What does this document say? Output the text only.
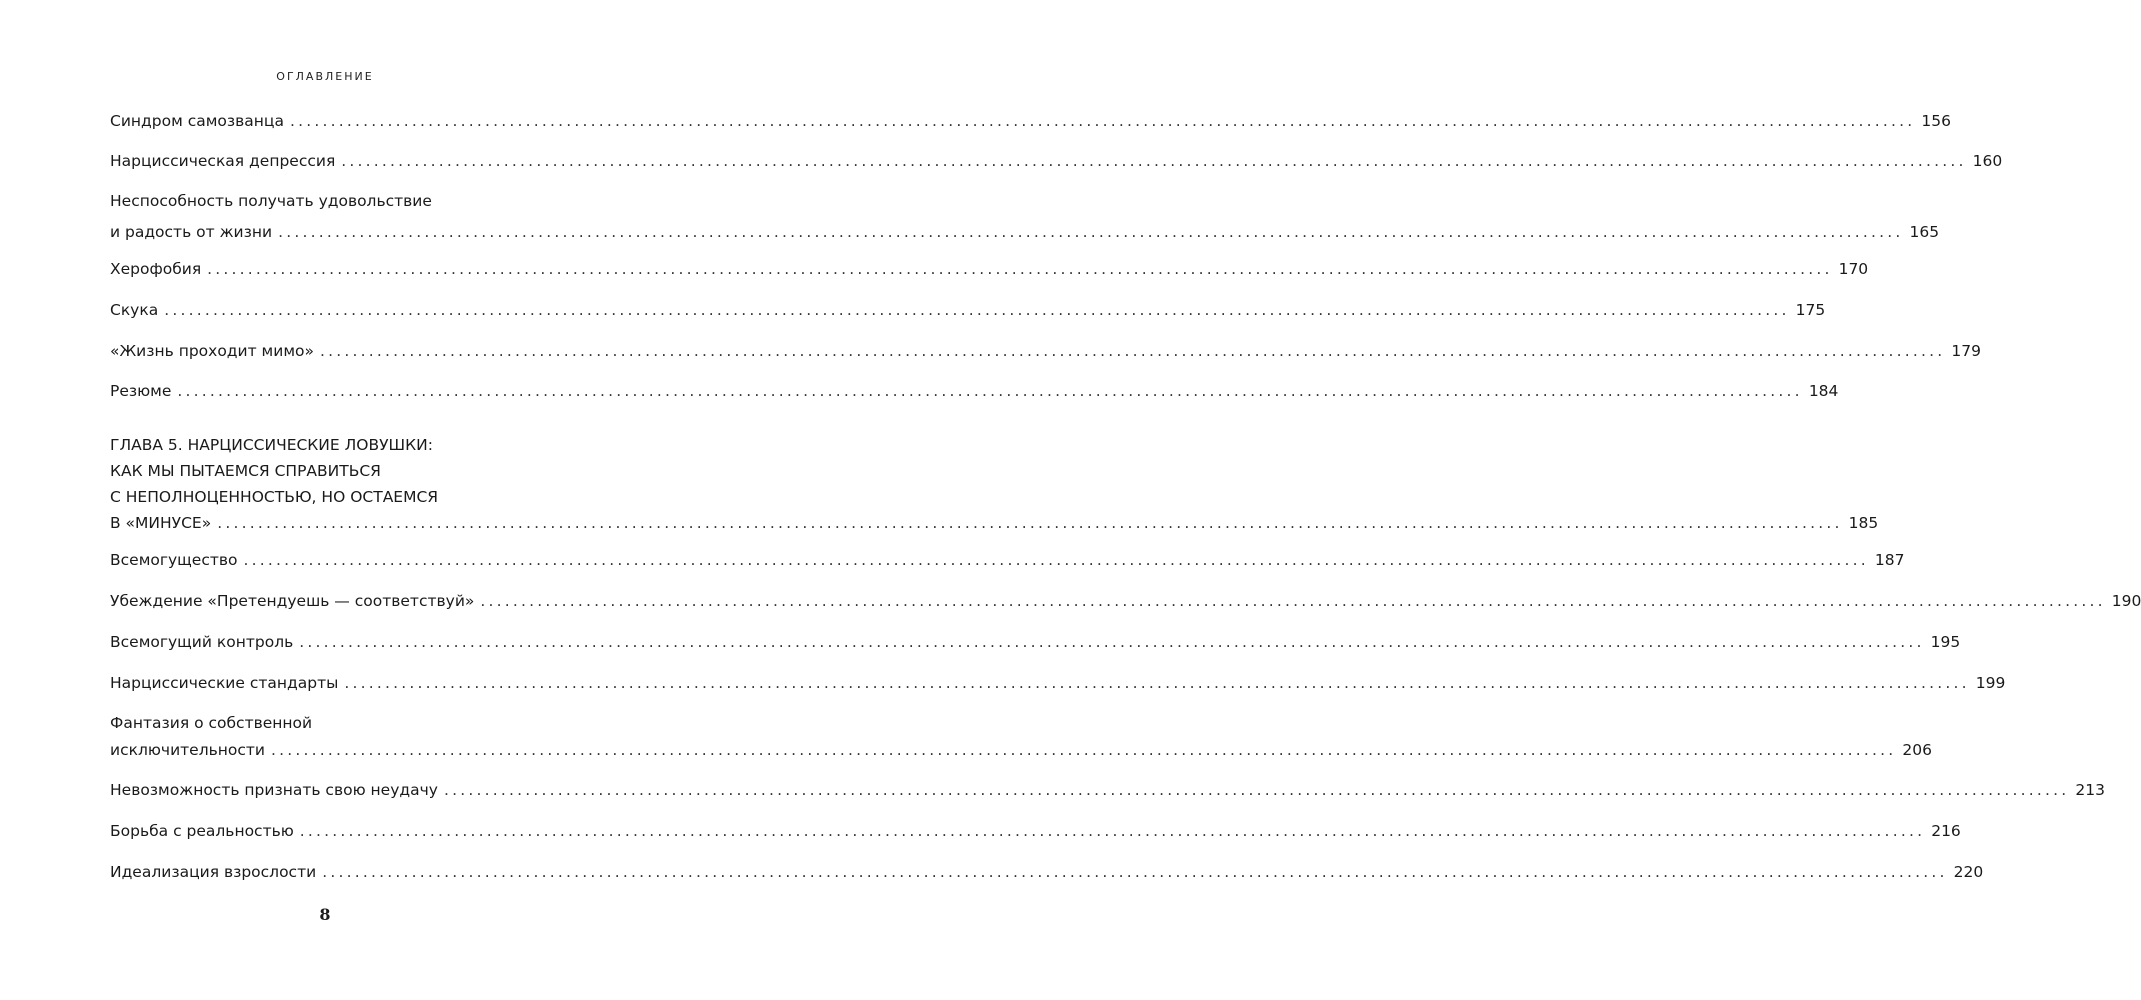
ОГЛАВЛЕНИЕ
Синдром самозванца ........................................................................................................................................................................................................ 156
Нарциссическая депрессия ........................................................................................................................................................................................................ 160
Неспособность получать удовольствие
и радость от жизни ........................................................................................................................................................................................................ 165
Херофобия ........................................................................................................................................................................................................ 170
Скука ........................................................................................................................................................................................................ 175
«Жизнь проходит мимо» ........................................................................................................................................................................................................ 179
Резюме ........................................................................................................................................................................................................ 184
ГЛАВА 5. НАРЦИССИЧЕСКИЕ ЛОВУШКИ:
КАК МЫ ПЫТАЕМСЯ СПРАВИТЬСЯ
С НЕПОЛНОЦЕННОСТЬЮ, НО ОСТАЕМСЯ
В «МИНУСЕ» ........................................................................................................................................................................................................ 185
Всемогущество ........................................................................................................................................................................................................ 187
Убеждение «Претендуешь — соответствуй» ........................................................................................................................................................................................................ 190
Всемогущий контроль ........................................................................................................................................................................................................ 195
Нарциссические стандарты ........................................................................................................................................................................................................ 199
Фантазия о собственной
исключительности ........................................................................................................................................................................................................ 206
Невозможность признать свою неудачу ........................................................................................................................................................................................................ 213
Борьба с реальностью ........................................................................................................................................................................................................ 216
Идеализация взрослости ........................................................................................................................................................................................................ 220
8
